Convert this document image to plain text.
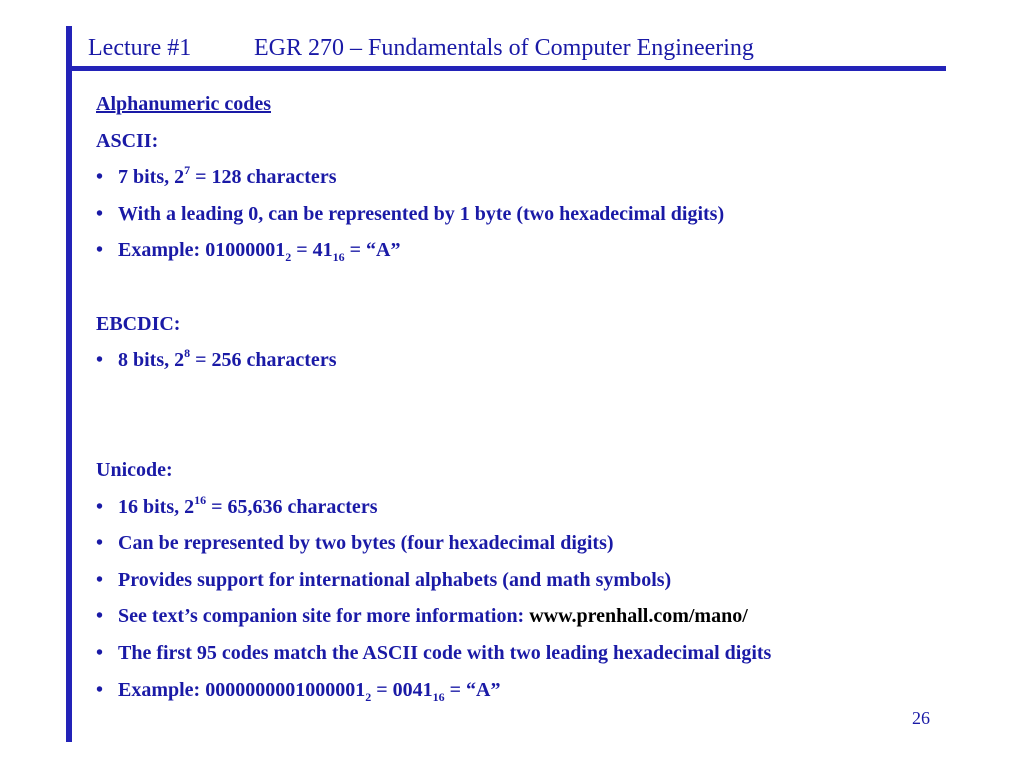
Lecture #1	EGR 270 – Fundamentals of Computer Engineering
Alphanumeric codes
ASCII:
• 7 bits, $2^7 = 128$ characters
• With a leading 0, can be represented by 1 byte (two hexadecimal digits)
• Example: $01000001_2 = 41_{16}$ = “A”
EBCDIC:
• 8 bits, $2^8 = 256$ characters
Unicode:
• 16 bits, $2^{16} = 65,636$ characters
• Can be represented by two bytes (four hexadecimal digits)
• Provides support for international alphabets (and math symbols)
• See text’s companion site for more information: www.prenhall.com/mano/
• The first 95 codes match the ASCII code with two leading hexadecimal digits
• Example: $0000000001000001_2 = 0041_{16}$ = “A”
26
